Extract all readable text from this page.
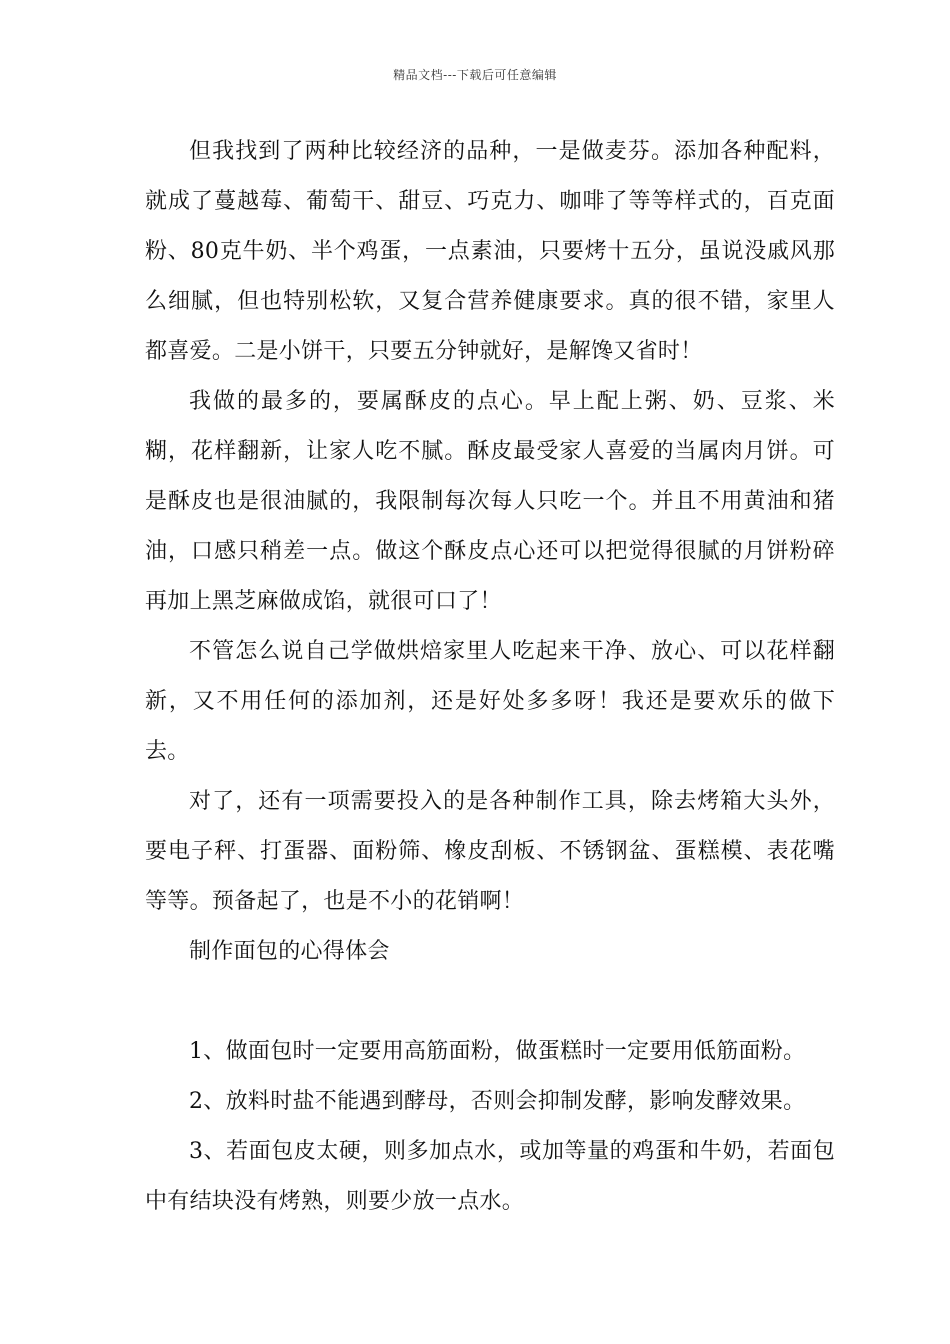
精品文档---下载后可任意编辑

但我找到了两种比较经济的品种，一是做麦芬。添加各种配料，就成了蔓越莓、葡萄干、甜豆、巧克力、咖啡了等等样式的，百克面粉、80克牛奶、半个鸡蛋，一点素油，只要烤十五分，虽说没戚风那么细腻，但也特别松软，又复合营养健康要求。真的很不错，家里人都喜爱。二是小饼干，只要五分钟就好，是解馋又省时！

我做的最多的，要属酥皮的点心。早上配上粥、奶、豆浆、米糊，花样翻新，让家人吃不腻。酥皮最受家人喜爱的当属肉月饼。可是酥皮也是很油腻的，我限制每次每人只吃一个。并且不用黄油和猪油，口感只稍差一点。做这个酥皮点心还可以把觉得很腻的月饼粉碎再加上黑芝麻做成馅，就很可口了！

不管怎么说自己学做烘焙家里人吃起来干净、放心、可以花样翻新，又不用任何的添加剂，还是好处多多呀！我还是要欢乐的做下去。

对了，还有一项需要投入的是各种制作工具，除去烤箱大头外，要电子秤、打蛋器、面粉筛、橡皮刮板、不锈钢盆、蛋糕模、表花嘴等等。预备起了，也是不小的花销啊！

制作面包的心得体会

1、做面包时一定要用高筋面粉，做蛋糕时一定要用低筋面粉。

2、放料时盐不能遇到酵母，否则会抑制发酵，影响发酵效果。

3、若面包皮太硬，则多加点水，或加等量的鸡蛋和牛奶，若面包中有结块没有烤熟，则要少放一点水。
